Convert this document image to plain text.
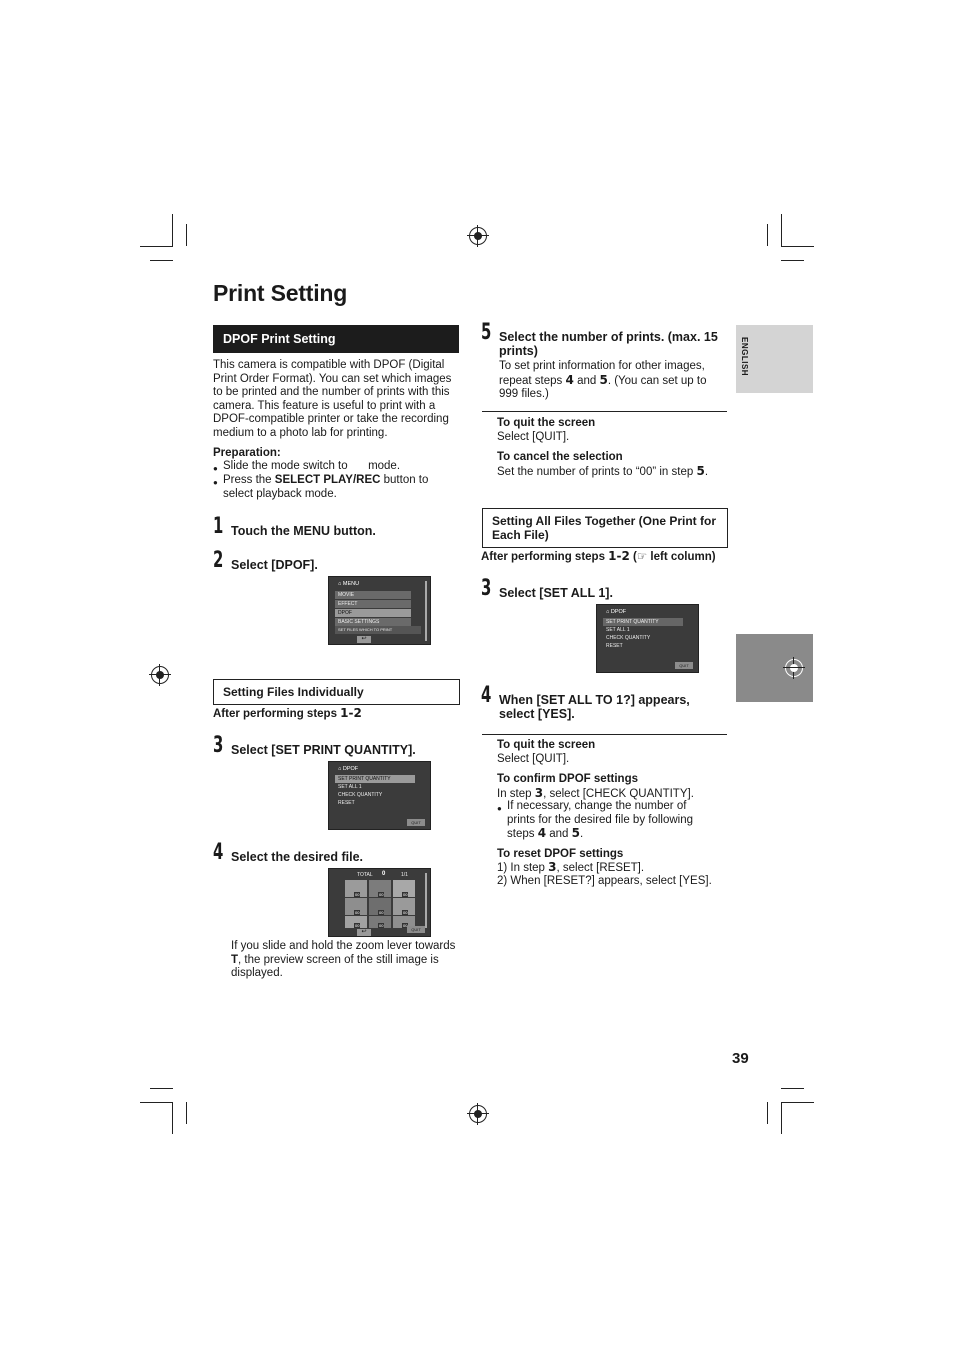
ENGLISH
Print Setting
DPOF Print Setting
This camera is compatible with DPOF (Digital Print Order Format). You can set which images to be printed and the number of prints with this camera. This feature is useful to print with a DPOF-compatible printer or take the recording medium to a photo lab for printing.
Preparation:
● Slide the mode switch to mode.
● Press the SELECT PLAY/REC button to
select playback mode.
1 Touch the MENU button.
2 Select [DPOF].
⌂ MENU
MOVIE
EFFECT
DPOF
BASIC SETTINGS
SET FILES WHICH TO PRINT
↩
Setting Files Individually
After performing steps 1-2
3 Select [SET PRINT QUANTITY].
⌂ DPOF
SET PRINT QUANTITY
SET ALL 1
CHECK QUANTITY
RESET
QUIT
4 Select the desired file.
TOTAL 0	1/1
00	00	00
00	00	00
00	00	00
↩	QUIT
If you slide and hold the zoom lever towards T, the preview screen of the still image is displayed.
5 Select the number of prints. (max. 15 prints)
To set print information for other images, repeat steps 4 and 5. (You can set up to 999 files.)
To quit the screen
Select [QUIT].
To cancel the selection
Set the number of prints to “00” in step 5.
Setting All Files Together (One Print for Each File)
After performing steps 1-2 (☞ left column)
3 Select [SET ALL 1].
⌂ DPOF
SET PRINT QUANTITY
SET ALL 1
CHECK QUANTITY
RESET
QUIT
4 When [SET ALL TO 1?] appears, select [YES].
To quit the screen
Select [QUIT].
To confirm DPOF settings
In step 3, select [CHECK QUANTITY].
● If necessary, change the number of prints for the desired file by following steps 4 and 5.
To reset DPOF settings
1) In step 3, select [RESET].
2) When [RESET?] appears, select [YES].
39
